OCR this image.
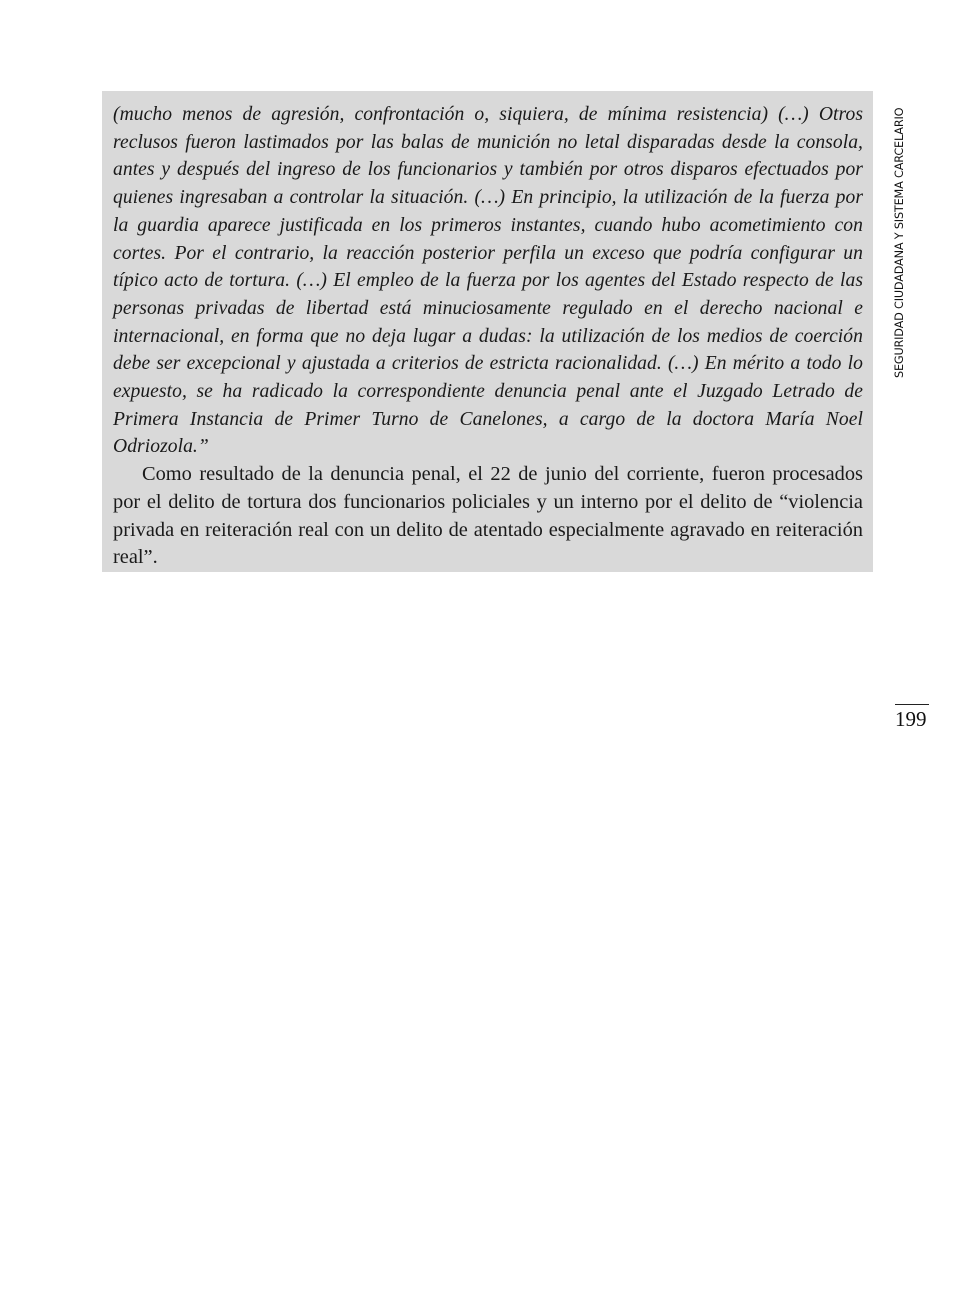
(mucho menos de agresión, confrontación o, siquiera, de mínima resistencia) (…) Otros reclusos fueron lastimados por las balas de munición no letal disparadas desde la consola, antes y después del ingreso de los funcionarios y también por otros disparos efectuados por quienes ingresaban a controlar la situación. (…) En principio, la utilización de la fuerza por la guardia aparece justificada en los primeros instantes, cuando hubo acometimiento con cortes. Por el contrario, la reacción posterior perfila un exceso que podría configurar un típico acto de tortura. (…) El empleo de la fuerza por los agentes del Estado respecto de las personas privadas de libertad está minuciosamente regulado en el derecho nacional e internacional, en forma que no deja lugar a dudas: la utilización de los medios de coerción debe ser excepcional y ajustada a criterios de estricta racionalidad. (…) En mérito a todo lo expuesto, se ha radicado la correspondiente denuncia penal ante el Juzgado Letrado de Primera Instancia de Primer Turno de Canelones, a cargo de la doctora María Noel Odriozola.”

Como resultado de la denuncia penal, el 22 de junio del corriente, fueron procesados por el delito de tortura dos funcionarios policiales y un interno por el delito de “violencia privada en reiteración real con un delito de atentado especialmente agravado en reiteración real”.

SEGURIDAD CIUDADANA Y SISTEMA CARCELARIO
199
